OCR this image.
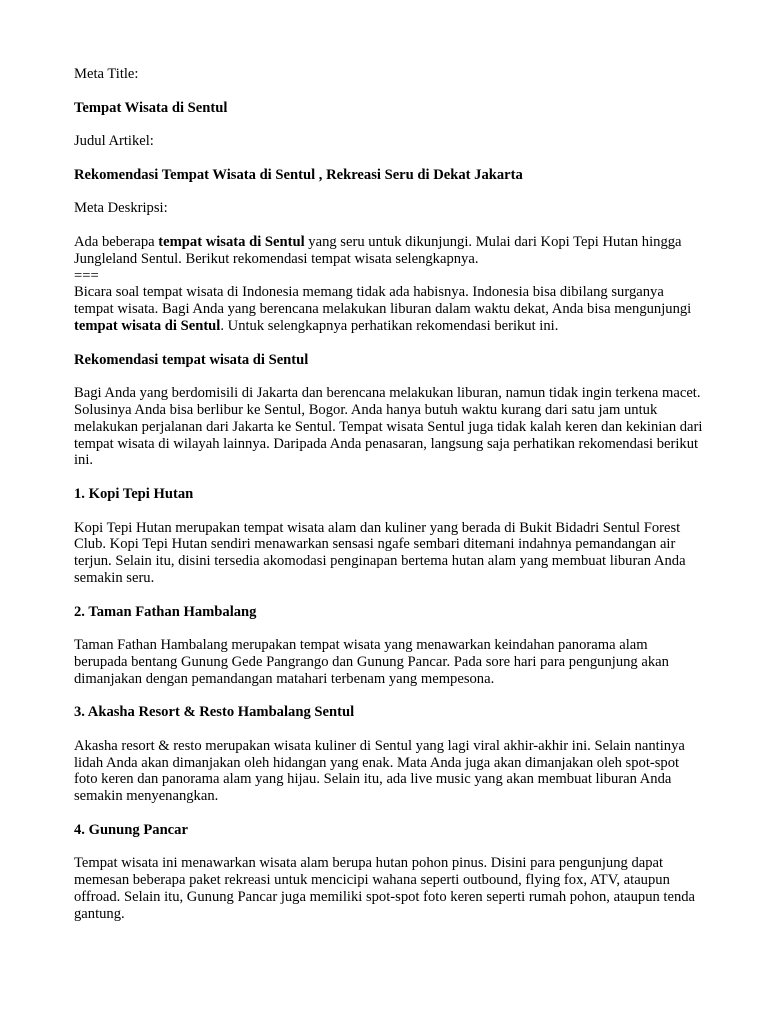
Meta Title:

Tempat Wisata di Sentul

Judul Artikel:

Rekomendasi Tempat Wisata di Sentul , Rekreasi Seru di Dekat Jakarta

Meta Deskripsi:

Ada beberapa tempat wisata di Sentul yang seru untuk dikunjungi. Mulai dari Kopi Tepi Hutan hingga Jungleland Sentul. Berikut rekomendasi tempat wisata selengkapnya.

===

Bicara soal tempat wisata di Indonesia memang tidak ada habisnya. Indonesia bisa dibilang surganya tempat wisata. Bagi Anda yang berencana melakukan liburan dalam waktu dekat, Anda bisa mengunjungi tempat wisata di Sentul. Untuk selengkapnya perhatikan rekomendasi berikut ini.

Rekomendasi tempat wisata di Sentul

Bagi Anda yang berdomisili di Jakarta dan berencana melakukan liburan, namun tidak ingin terkena macet. Solusinya Anda bisa berlibur ke Sentul, Bogor. Anda hanya butuh waktu kurang dari satu jam untuk melakukan perjalanan dari Jakarta ke Sentul. Tempat wisata Sentul juga tidak kalah keren dan kekinian dari tempat wisata di wilayah lainnya. Daripada Anda penasaran, langsung saja perhatikan rekomendasi berikut ini.

1. Kopi Tepi Hutan

Kopi Tepi Hutan merupakan tempat wisata alam dan kuliner yang berada di Bukit Bidadri Sentul Forest Club. Kopi Tepi Hutan sendiri menawarkan sensasi ngafe sembari ditemani indahnya pemandangan air terjun. Selain itu, disini tersedia akomodasi penginapan bertema hutan alam yang membuat liburan Anda semakin seru.

2. Taman Fathan Hambalang

Taman Fathan Hambalang merupakan tempat wisata yang menawarkan keindahan panorama alam berupada bentang Gunung Gede Pangrango dan Gunung Pancar. Pada sore hari para pengunjung akan dimanjakan dengan pemandangan matahari terbenam yang mempesona.

3. Akasha Resort & Resto Hambalang Sentul

Akasha resort & resto merupakan wisata kuliner di Sentul yang lagi viral akhir-akhir ini. Selain nantinya lidah Anda akan dimanjakan oleh hidangan yang enak. Mata Anda juga akan dimanjakan oleh spot-spot foto keren dan panorama alam yang hijau. Selain itu, ada live music yang akan membuat liburan Anda semakin menyenangkan.

4. Gunung Pancar

Tempat wisata ini menawarkan wisata alam berupa hutan pohon pinus. Disini para pengunjung dapat memesan beberapa paket rekreasi untuk mencicipi wahana seperti outbound, flying fox, ATV, ataupun offroad. Selain itu, Gunung Pancar juga memiliki spot-spot foto keren seperti rumah pohon, ataupun tenda gantung.
